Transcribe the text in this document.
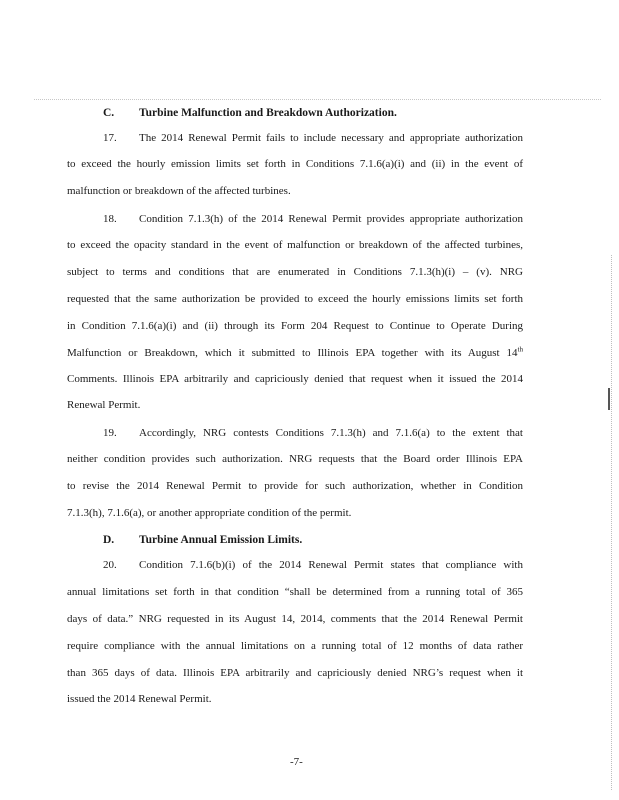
C. Turbine Malfunction and Breakdown Authorization.
17. The 2014 Renewal Permit fails to include necessary and appropriate authorization
to exceed the hourly emission limits set forth in Conditions 7.1.6(a)(i) and (ii) in the event of
malfunction or breakdown of the affected turbines.
18. Condition 7.1.3(h) of the 2014 Renewal Permit provides appropriate authorization
to exceed the opacity standard in the event of malfunction or breakdown of the affected turbines,
subject to terms and conditions that are enumerated in Conditions 7.1.3(h)(i) – (v). NRG
requested that the same authorization be provided to exceed the hourly emissions limits set forth
in Condition 7.1.6(a)(i) and (ii) through its Form 204 Request to Continue to Operate During
Malfunction or Breakdown, which it submitted to Illinois EPA together with its August 14th
Comments. Illinois EPA arbitrarily and capriciously denied that request when it issued the 2014
Renewal Permit.
19. Accordingly, NRG contests Conditions 7.1.3(h) and 7.1.6(a) to the extent that
neither condition provides such authorization. NRG requests that the Board order Illinois EPA
to revise the 2014 Renewal Permit to provide for such authorization, whether in Condition
7.1.3(h), 7.1.6(a), or another appropriate condition of the permit.
D. Turbine Annual Emission Limits.
20. Condition 7.1.6(b)(i) of the 2014 Renewal Permit states that compliance with
annual limitations set forth in that condition “shall be determined from a running total of 365
days of data.” NRG requested in its August 14, 2014, comments that the 2014 Renewal Permit
require compliance with the annual limitations on a running total of 12 months of data rather
than 365 days of data. Illinois EPA arbitrarily and capriciously denied NRG’s request when it
issued the 2014 Renewal Permit.
-7-
